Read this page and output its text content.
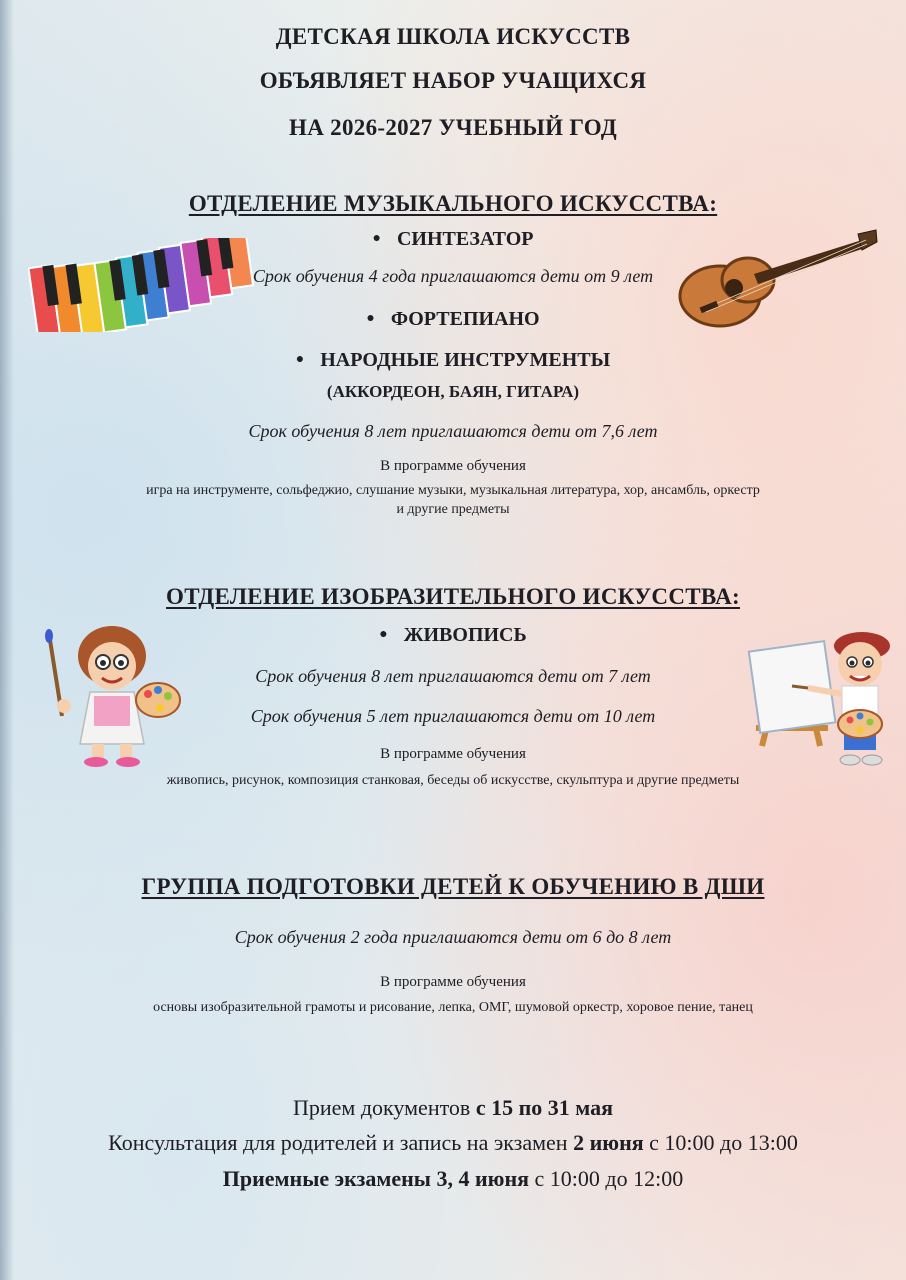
ДЕТСКАЯ ШКОЛА ИСКУССТВ
ОБЪЯВЛЯЕТ НАБОР УЧАЩИХСЯ
НА 2026-2027 УЧЕБНЫЙ ГОД
ОТДЕЛЕНИЕ МУЗЫКАЛЬНОГО ИСКУССТВА:
● СИНТЕЗАТОР
Срок обучения 4 года приглашаются дети от 9 лет
● ФОРТЕПИАНО
● НАРОДНЫЕ ИНСТРУМЕНТЫ
(АККОРДЕОН, БАЯН, ГИТАРА)
Срок обучения 8 лет приглашаются дети от 7,6 лет
В программе обучения
игра на инструменте, сольфеджио, слушание музыки, музыкальная литература, хор, ансамбль, оркестр
и другие предметы
ОТДЕЛЕНИЕ ИЗОБРАЗИТЕЛЬНОГО ИСКУССТВА:
● ЖИВОПИСЬ
Срок обучения 8 лет приглашаются дети от 7 лет
Срок обучения 5 лет приглашаются дети от 10 лет
В программе обучения
живопись, рисунок, композиция станковая, беседы об искусстве, скульптура и другие предметы
ГРУППА ПОДГОТОВКИ ДЕТЕЙ К ОБУЧЕНИЮ В ДШИ
Срок обучения 2 года приглашаются дети от 6 до 8 лет
В программе обучения
основы изобразительной грамоты и рисование, лепка, ОМГ, шумовой оркестр, хоровое пение, танец
Прием документов с 15 по 31 мая
Консультация для родителей и запись на экзамен 2 июня с 10:00 до 13:00
Приемные экзамены 3, 4 июня с 10:00 до 12:00
